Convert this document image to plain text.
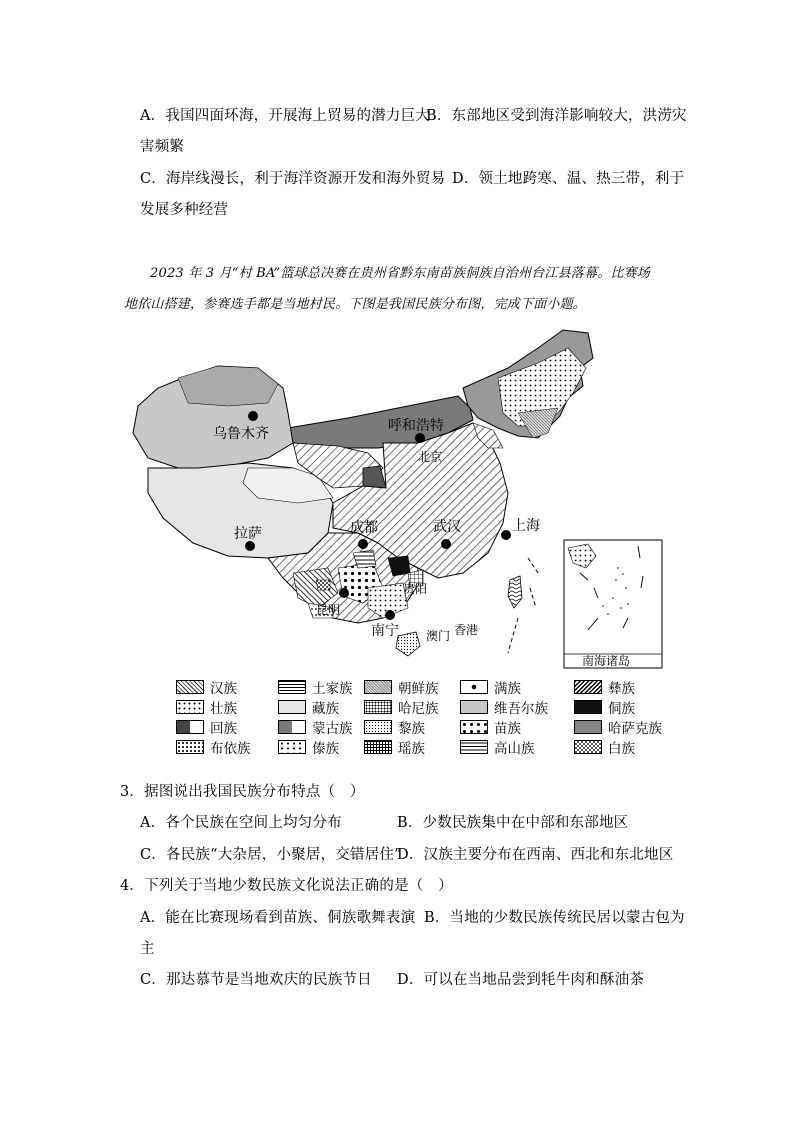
A．我国四面环海，开展海上贸易的潜力巨大
B．东部地区受到海洋影响较大，洪涝灾
害频繁
C．海岸线漫长，利于海洋资源开发和海外贸易 D．领土地跨寒、温、热三带，利于
发展多种经营
2023 年 3 月“村 BA”篮球总决赛在贵州省黔东南苗族侗族自治州台江县落幕。比赛场
地依山搭建，参赛选手都是当地村民。下图是我国民族分布图，完成下面小题。
南海诸岛
乌鲁木齐	呼和浩特
北京
拉萨	成都	武汉	上海
贵阳
昆明
南宁 澳门 香港
汉族	土家族	朝鲜族	满族	彝族
壮族	藏族	哈尼族	维吾尔族	侗族
回族	蒙古族	黎族	苗族	哈萨克族
布依族	傣族	瑶族	高山族	白族
3．据图说出我国民族分布特点（　）
A．各个民族在空间上均匀分布	B．少数民族集中在中部和东部地区
C．各民族“大杂居，小聚居，交错居住”
D．汉族主要分布在西南、西北和东北地区
4．下列关于当地少数民族文化说法正确的是（　）
A．能在比赛现场看到苗族、侗族歌舞表演 B．当地的少数民族传统民居以蒙古包为
主
C．那达慕节是当地欢庆的民族节日 D．可以在当地品尝到牦牛肉和酥油茶
